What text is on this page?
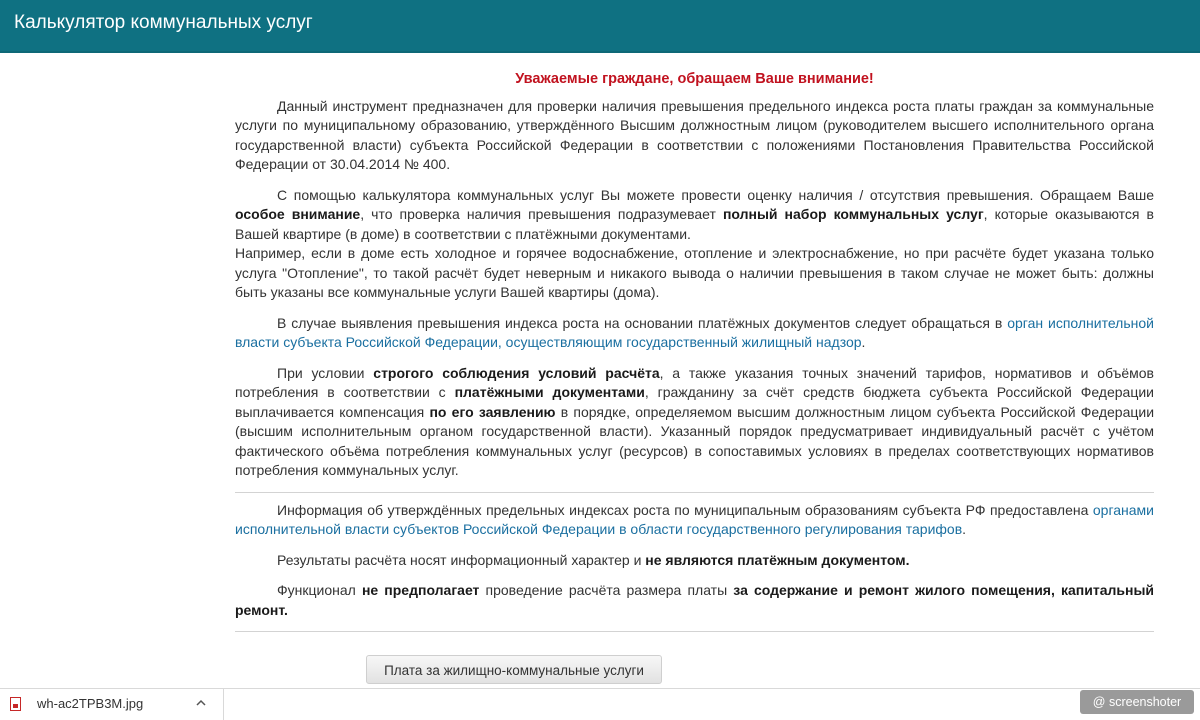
Калькулятор коммунальных услуг
Уважаемые граждане, обращаем Ваше внимание!

Данный инструмент предназначен для проверки наличия превышения предельного индекса роста платы граждан за коммунальные услуги по муниципальному образованию, утверждённого Высшим должностным лицом (руководителем высшего исполнительного органа государственной власти) субъекта Российской Федерации в соответствии с положениями Постановления Правительства Российской Федерации от 30.04.2014 № 400.

С помощью калькулятора коммунальных услуг Вы можете провести оценку наличия / отсутствия превышения. Обращаем Ваше особое внимание, что проверка наличия превышения подразумевает полный набор коммунальных услуг, которые оказываются в Вашей квартире (в доме) в соответствии с платёжными документами.

Например, если в доме есть холодное и горячее водоснабжение, отопление и электроснабжение, но при расчёте будет указана только услуга "Отопление", то такой расчёт будет неверным и никакого вывода о наличии превышения в таком случае не может быть: должны быть указаны все коммунальные услуги Вашей квартиры (дома).

В случае выявления превышения индекса роста на основании платёжных документов следует обращаться в орган исполнительной власти субъекта Российской Федерации, осуществляющим государственный жилищный надзор.

При условии строгого соблюдения условий расчёта, а также указания точных значений тарифов, нормативов и объёмов потребления в соответствии с платёжными документами, гражданину за счёт средств бюджета субъекта Российской Федерации выплачивается компенсация по его заявлению в порядке, определяемом высшим должностным лицом субъекта Российской Федерации (высшим исполнительным органом государственной власти). Указанный порядок предусматривает индивидуальный расчёт с учётом фактического объёма потребления коммунальных услуг (ресурсов) в сопоставимых условиях в пределах соответствующих нормативов потребления коммунальных услуг.

Информация об утверждённых предельных индексах роста по муниципальным образованиям субъекта РФ предоставлена органами исполнительной власти субъектов Российской Федерации в области государственного регулирования тарифов.

Результаты расчёта носят информационный характер и не являются платёжным документом.

Функционал не предполагает проведение расчёта размера платы за содержание и ремонт жилого помещения, капитальный ремонт.

Плата за жилищно-коммунальные услуги
wh-ac2TPB3M.jpg	@ screenshoter
